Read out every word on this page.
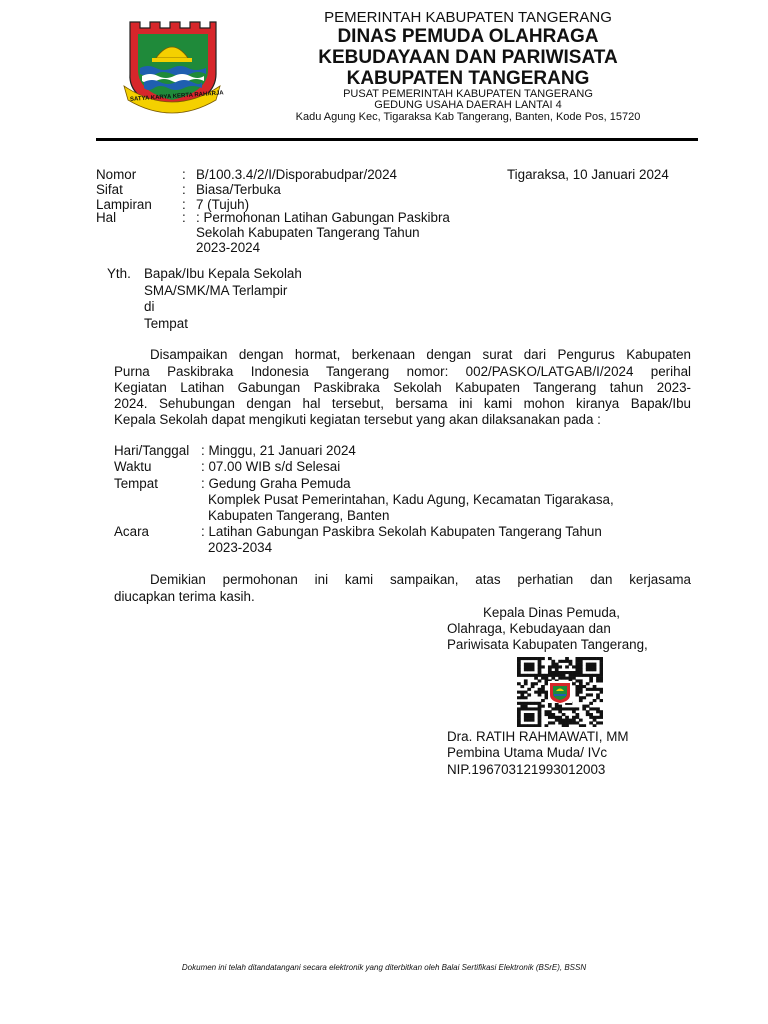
SATYA KARYA KERTA RAHARJA
PEMERINTAH KABUPATEN TANGERANG
DINAS PEMUDA OLAHRAGA
KEBUDAYAAN DAN PARIWISATA
KABUPATEN TANGERANG
PUSAT PEMERINTAH KABUPATEN TANGERANG
GEDUNG USAHA DAERAH LANTAI 4
Kadu Agung Kec, Tigaraksa Kab Tangerang, Banten, Kode Pos, 15720
Nomor	: B/100.3.4/2/I/Disporabudpar/2024
Sifat	: Biasa/Terbuka
Lampiran : 7 (Tujuh)
Hal	: : Permohonan Latihan Gabungan Paskibra
Sekolah Kabupaten Tangerang Tahun
2023-2024
Tigaraksa, 10 Januari 2024
Yth. Bapak/Ibu Kepala Sekolah
SMA/SMK/MA Terlampir
di
Tempat
Disampaikan dengan hormat, berkenaan dengan surat dari Pengurus Kabupaten
Purna Paskibraka Indonesia Tangerang nomor: 002/PASKO/LATGAB/I/2024 perihal
Kegiatan Latihan Gabungan Paskibraka Sekolah Kabupaten Tangerang tahun 2023-
2024. Sehubungan dengan hal tersebut, bersama ini kami mohon kiranya Bapak/Ibu
Kepala Sekolah dapat mengikuti kegiatan tersebut yang akan dilaksanakan pada :
Hari/Tanggal : Minggu, 21 Januari 2024
Waktu	: 07.00 WIB s/d Selesai
Tempat	: Gedung Graha Pemuda
Komplek Pusat Pemerintahan, Kadu Agung, Kecamatan Tigarakasa,
Kabupaten Tangerang, Banten
Acara	: Latihan Gabungan Paskibra Sekolah Kabupaten Tangerang Tahun
2023-2034
Demikian permohonan ini kami sampaikan, atas perhatian dan kerjasama
diucapkan terima kasih.
Kepala Dinas Pemuda,
Olahraga, Kebudayaan dan
Pariwisata Kabupaten Tangerang,
Dra. RATIH RAHMAWATI, MM
Pembina Utama Muda/ IVc
NIP.196703121993012003
Dokumen ini telah ditandatangani secara elektronik yang diterbitkan oleh Balai Sertifikasi Elektronik (BSrE), BSSN
